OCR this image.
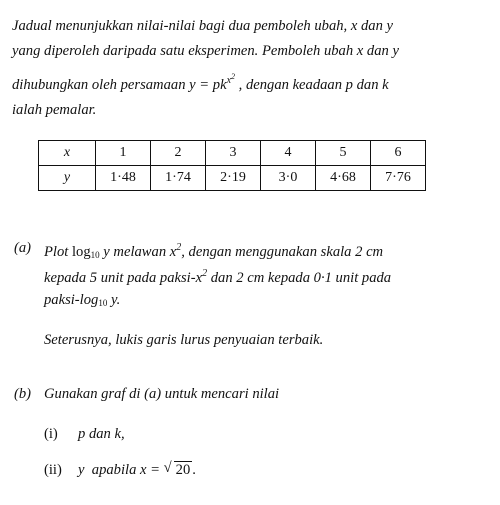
Jadual menunjukkan nilai-nilai bagi dua pemboleh ubah, x dan y
yang diperoleh daripada satu eksperimen. Pemboleh ubah x dan y
dihubungkan oleh persamaan $y = pk^{x^2}$ , dengan keadaan p dan k
ialah pemalar.
x	1	2	3	4	5	6
y	1·48	1·74	2·19	3·0	4·68	7·76
(a) Plot $\log_{10} y$ melawan $x^2$, dengan menggunakan skala 2 cm
kepada 5 unit pada paksi-$x^2$ dan 2 cm kepada 0·1 unit pada
paksi-$\log_{10}$ y.
Seterusnya, lukis garis lurus penyuaian terbaik.
(b) Gunakan graf di (a) untuk mencari nilai
(i) p dan k,
(ii) y  apabila x = √ 20 .
